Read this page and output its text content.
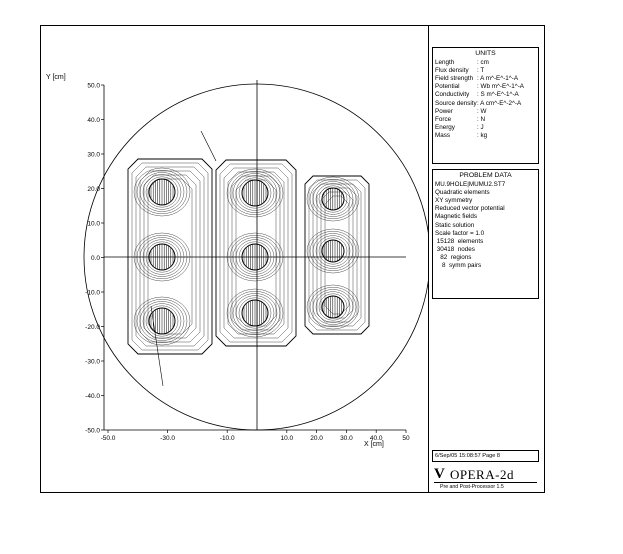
50.0
40.0
30.0
20.0
10.0
0.0
-10.0
-20.0
-30.0
-40.0
-50.0
-50.0	-30.0	-10.0	10.0	20.0	30.0	40.0	50
Y [cm]
X [cm]
UNITS
Length	: cm
Flux density	: T
Field strength : A m^-E^-1^-A
Potential	: Wb m^-E^-1^-A
Conductivity	: S m^-E^-1^-A
Source density : A cm^-E^-2^-A
Power	: W
Force	: N
Energy	: J
Mass	: kg
PROBLEM DATA
MU.9HOLE|MUMU2.ST7
Quadratic elements
XY symmetry
Reduced vector potential
Magnetic fields
Static solution
Scale factor = 1.0
15128  elements
30418  nodes
82  regions
8  symm pairs
6/Sep/05 15:08:57 Page 8
V OPERA-2d
Pre and Post-Processor 1.5
